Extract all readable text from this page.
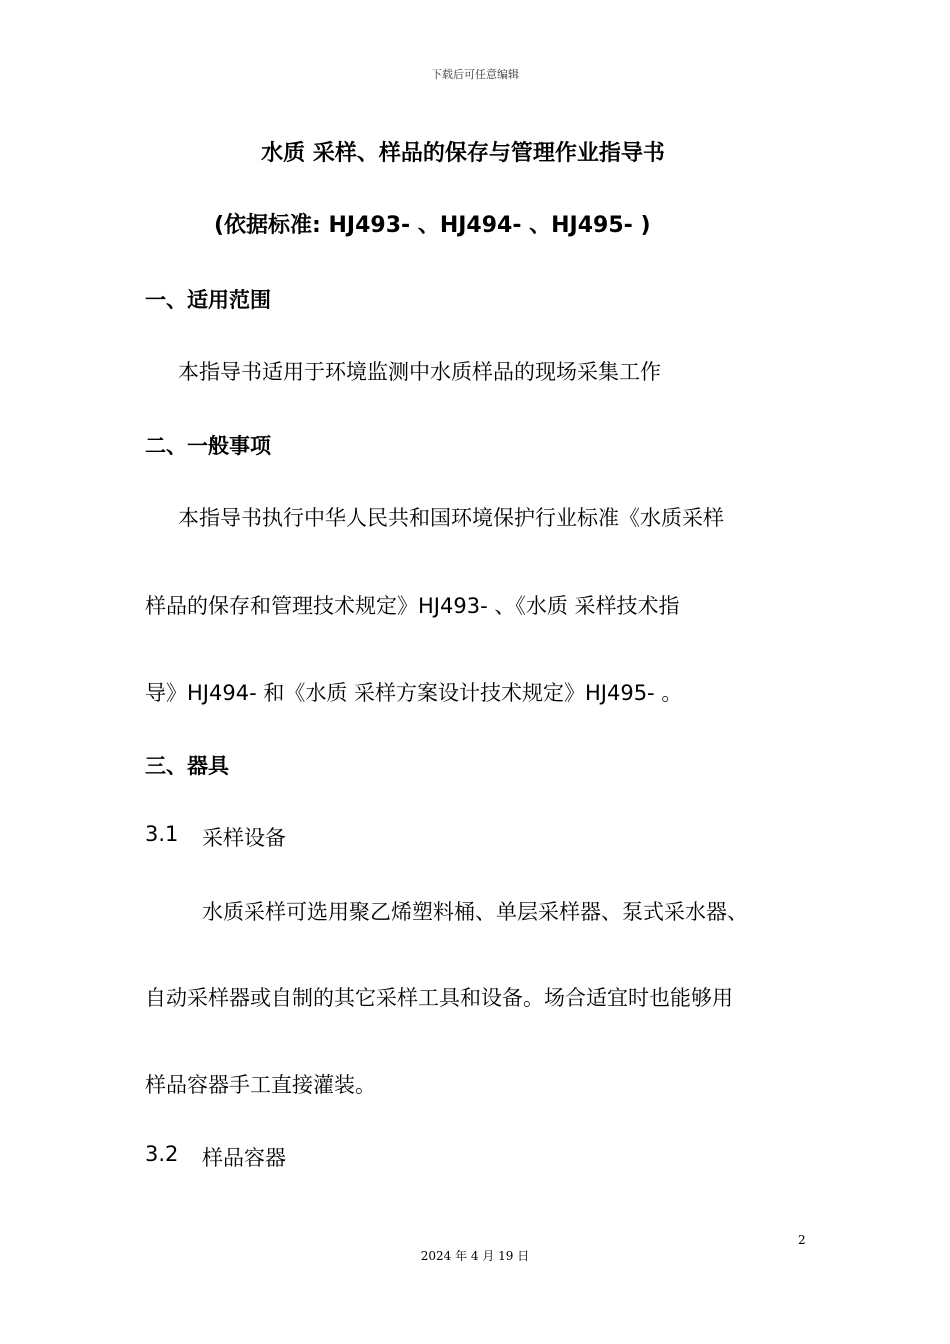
下载后可任意编辑
水质 采样、样品的保存与管理作业指导书
(依据标准: HJ493- 、HJ494- 、HJ495- )
一、适用范围
本指导书适用于环境监测中水质样品的现场采集工作
二、一般事项
本指导书执行中华人民共和国环境保护行业标准《水质采样
样品的保存和管理技术规定》HJ493- 、《水质 采样技术指
导》HJ494- 和《水质 采样方案设计技术规定》HJ495- 。
三、器具
3.1 采样设备
水质采样可选用聚乙烯塑料桶、单层采样器、泵式采水器、
自动采样器或自制的其它采样工具和设备。场合适宜时也能够用
样品容器手工直接灌装。
3.2 样品容器
2
2024 年 4 月 19 日
